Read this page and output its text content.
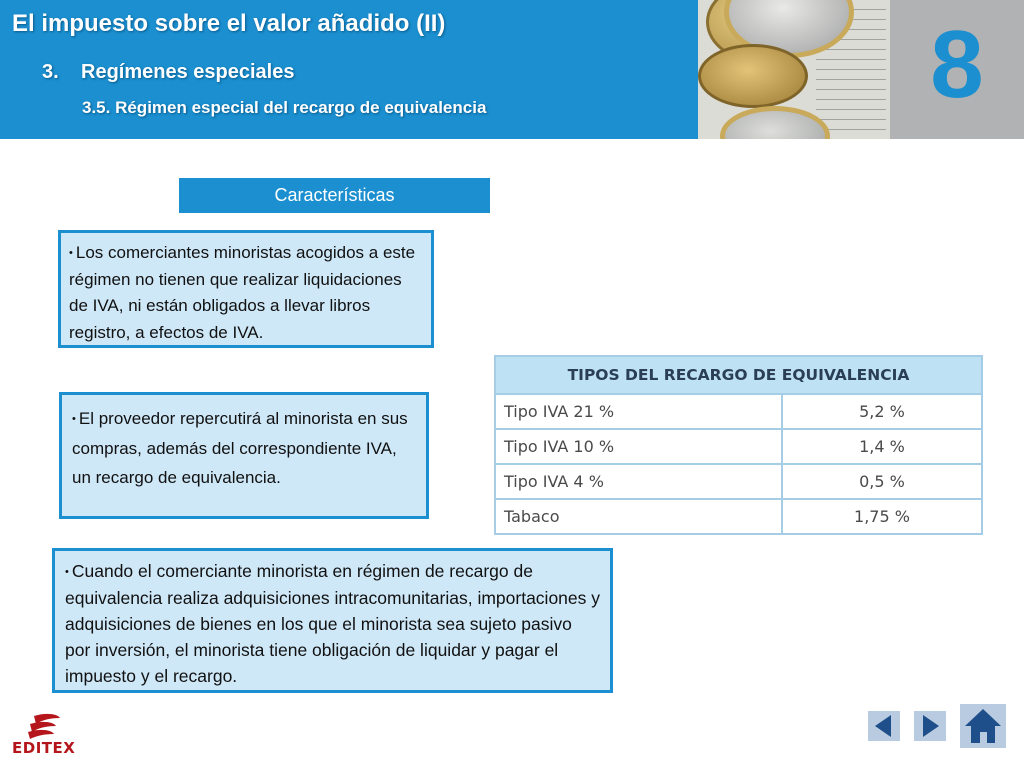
El impuesto sobre el valor añadido (II)
3. Regímenes especiales
3.5. Régimen especial del recargo de equivalencia	8
Características
• Los comerciantes minoristas acogidos a este régimen no tienen que realizar liquidaciones de IVA, ni están obligados a llevar libros registro, a efectos de IVA.
• El proveedor repercutirá al minorista en sus compras, además del correspondiente IVA, un recargo de equivalencia.
• Cuando el comerciante minorista en régimen de recargo de equivalencia realiza adquisiciones intracomunitarias, importaciones y adquisiciones de bienes en los que el minorista sea sujeto pasivo por inversión, el minorista tiene obligación de liquidar y pagar el impuesto y el recargo.
TIPOS DEL RECARGO DE EQUIVALENCIA	
Tipo IVA 21 %	5,2 %
Tipo IVA 10 %	1,4 %
Tipo IVA 4 %	0,5 %
Tabaco	1,75 %
EDITEX
